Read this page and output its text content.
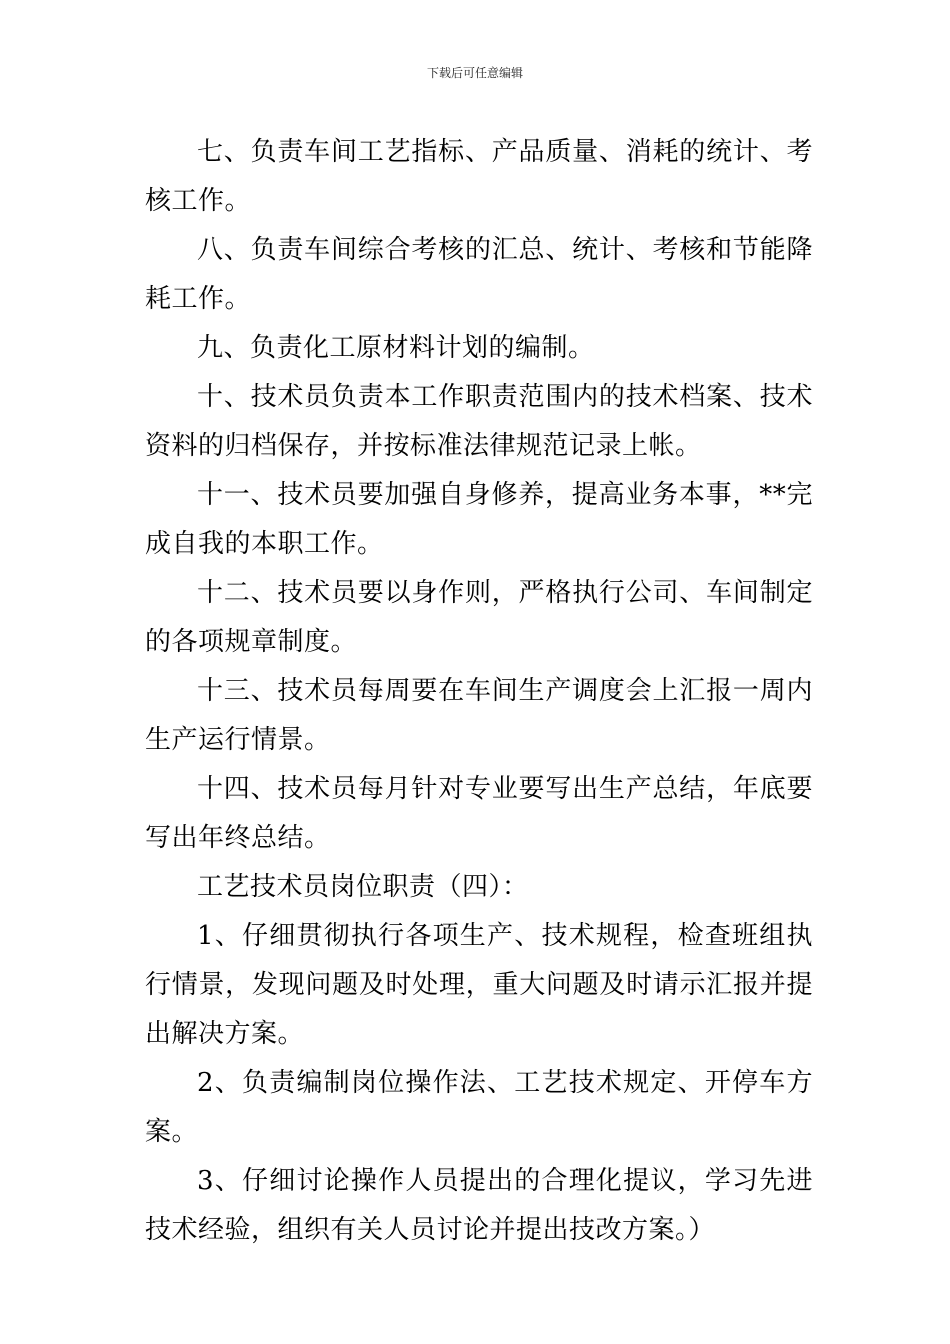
下载后可任意编辑

七、负责车间工艺指标、产品质量、消耗的统计、考核工作。

八、负责车间综合考核的汇总、统计、考核和节能降耗工作。

九、负责化工原材料计划的编制。

十、技术员负责本工作职责范围内的技术档案、技术资料的归档保存，并按标准法律规范记录上帐。

十一、技术员要加强自身修养，提高业务本事，**完成自我的本职工作。

十二、技术员要以身作则，严格执行公司、车间制定的各项规章制度。

十三、技术员每周要在车间生产调度会上汇报一周内生产运行情景。

十四、技术员每月针对专业要写出生产总结，年底要写出年终总结。

工艺技术员岗位职责（四）：

1、仔细贯彻执行各项生产、技术规程，检查班组执行情景，发现问题及时处理，重大问题及时请示汇报并提出解决方案。

2、负责编制岗位操作法、工艺技术规定、开停车方案。

3、仔细讨论操作人员提出的合理化提议，学习先进技术经验，组织有关人员讨论并提出技改方案。）
